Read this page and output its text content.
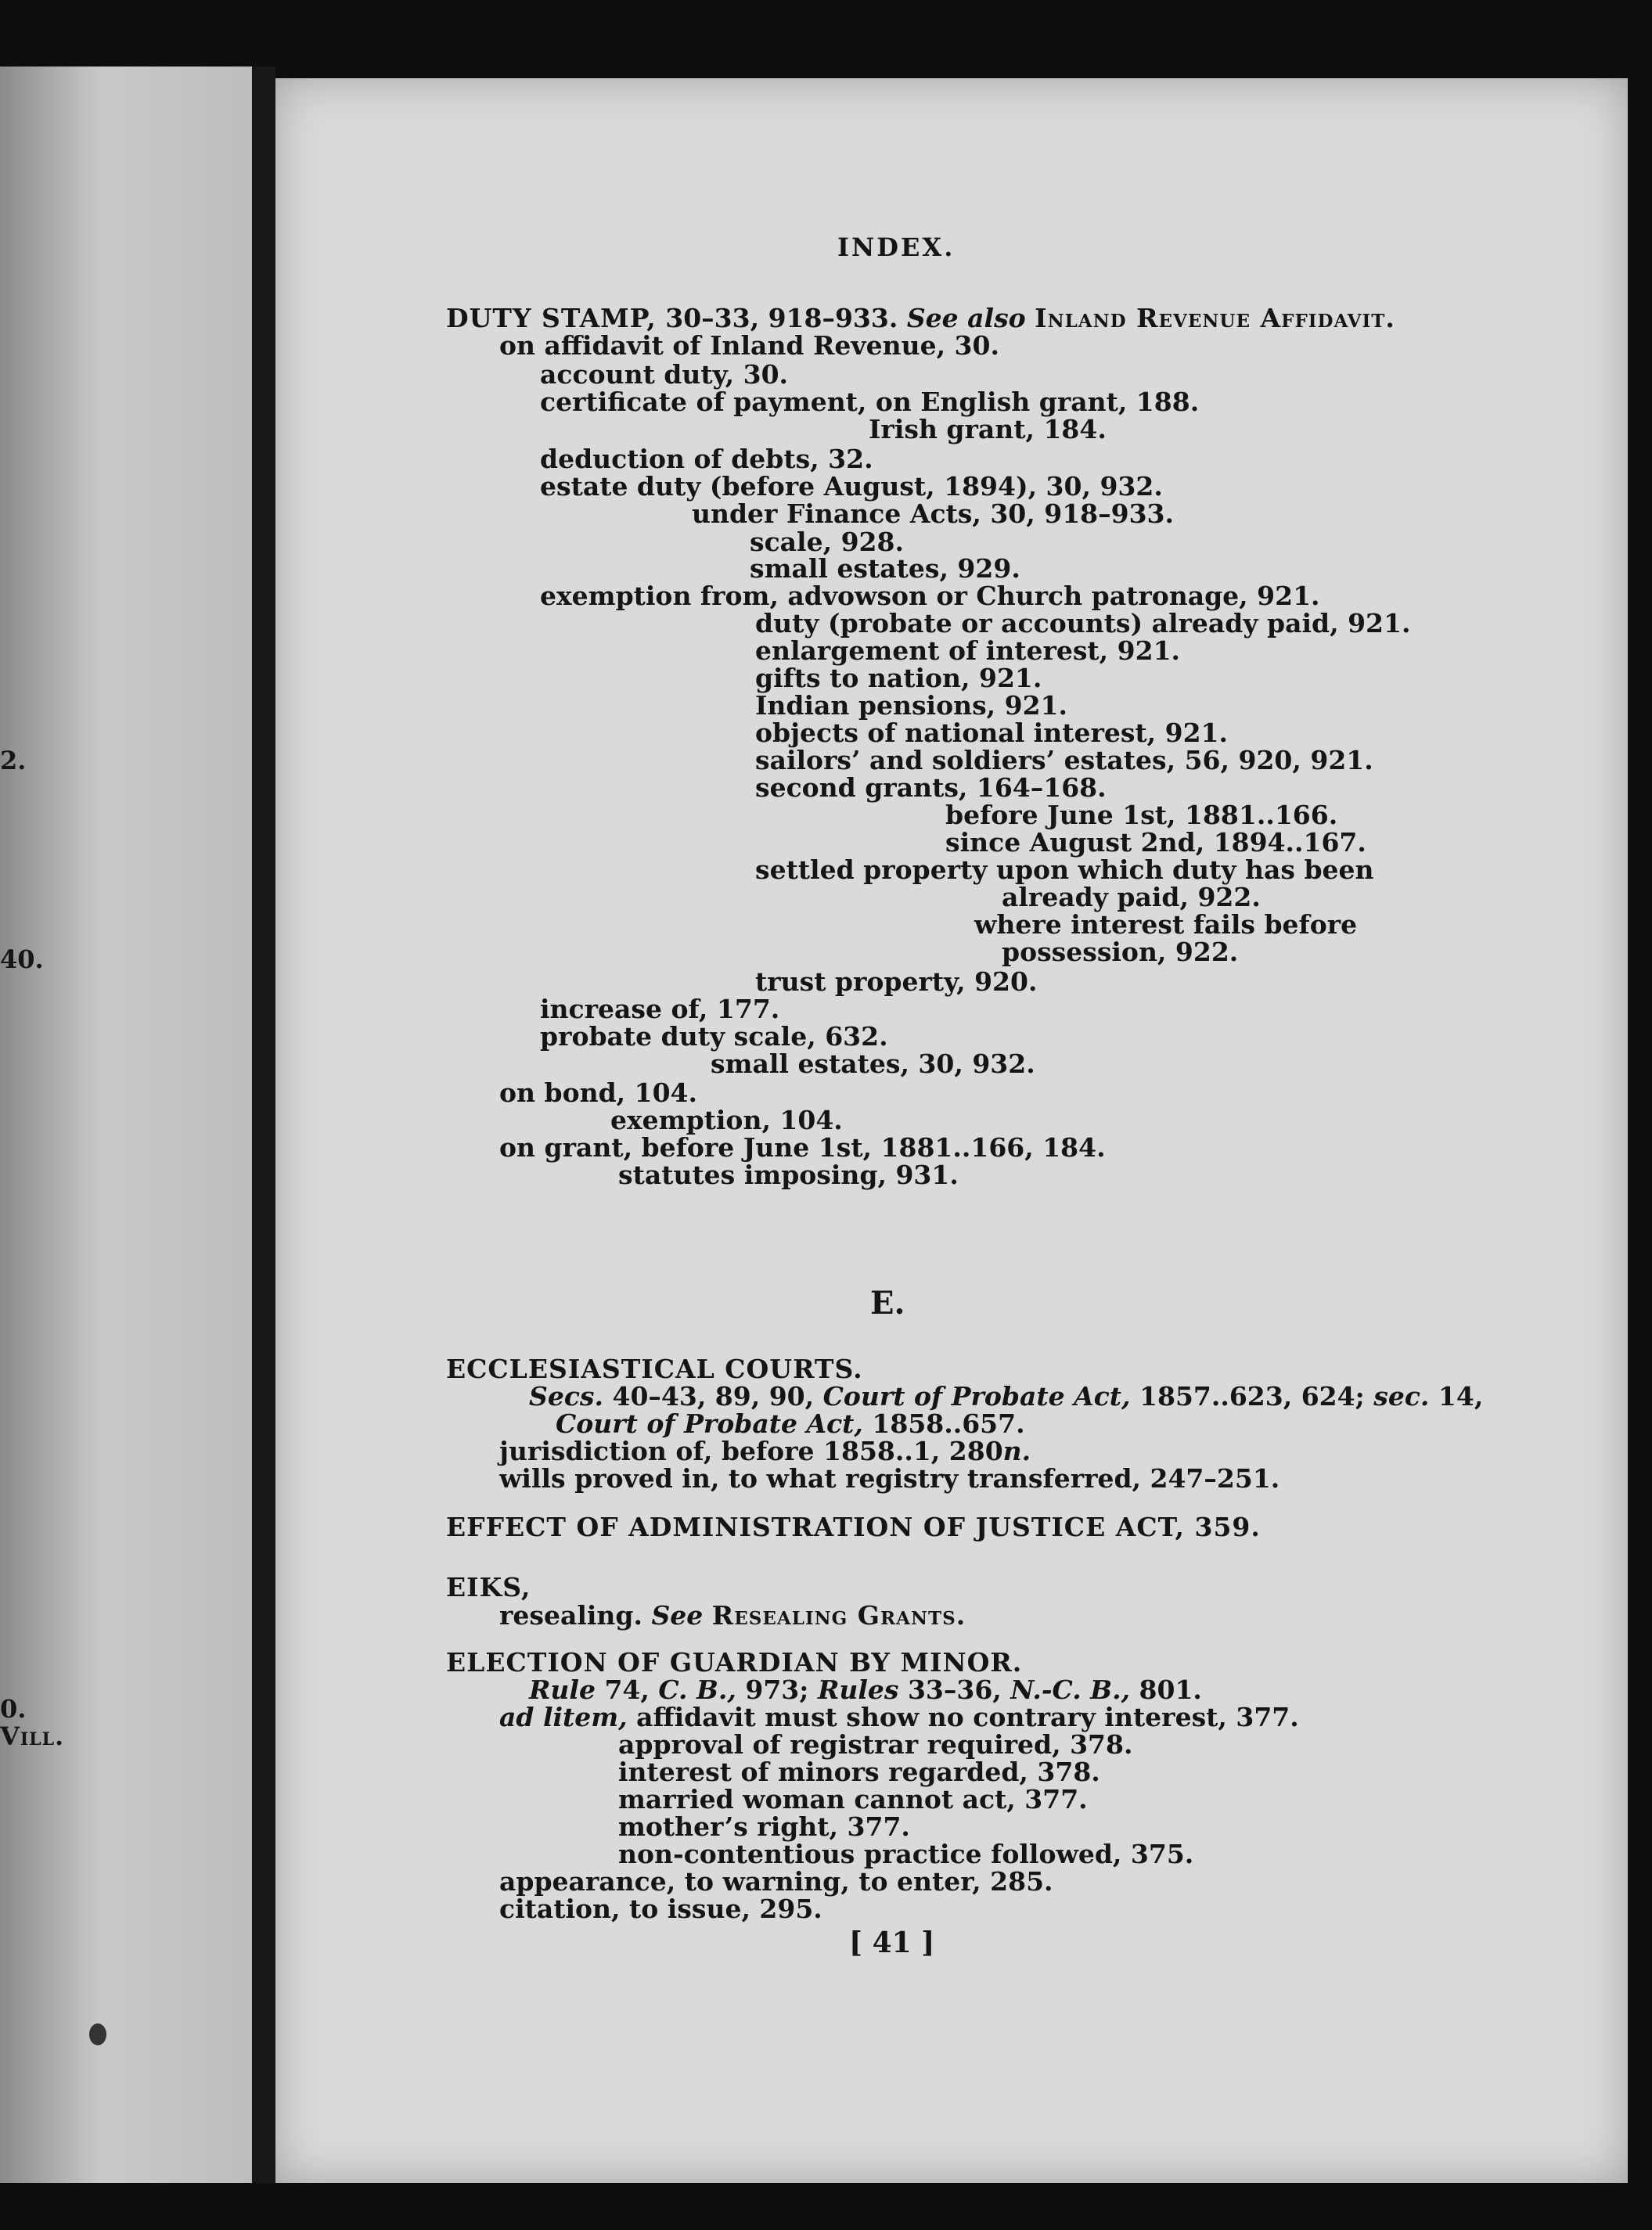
2.
40.
0.
Vill.
INDEX.
DUTY STAMP, 30–33, 918–933. See also Inland Revenue Affidavit.
on affidavit of Inland Revenue, 30.
account duty, 30.
certificate of payment, on English grant, 188.
Irish grant, 184.
deduction of debts, 32.
estate duty (before August, 1894), 30, 932.
under Finance Acts, 30, 918–933.
scale, 928.
small estates, 929.
exemption from, advowson or Church patronage, 921.
duty (probate or accounts) already paid, 921.
enlargement of interest, 921.
gifts to nation, 921.
Indian pensions, 921.
objects of national interest, 921.
sailors’ and soldiers’ estates, 56, 920, 921.
second grants, 164–168.
before June 1st, 1881..166.
since August 2nd, 1894..167.
settled property upon which duty has been
already paid, 922.
where interest fails before
possession, 922.
trust property, 920.
increase of, 177.
probate duty scale, 632.
small estates, 30, 932.
on bond, 104.
exemption, 104.
on grant, before June 1st, 1881..166, 184.
statutes imposing, 931.
E.
ECCLESIASTICAL COURTS.
Secs. 40–43, 89, 90, Court of Probate Act, 1857..623, 624; sec. 14,
Court of Probate Act, 1858..657.
jurisdiction of, before 1858..1, 280n.
wills proved in, to what registry transferred, 247–251.
EFFECT OF ADMINISTRATION OF JUSTICE ACT, 359.
EIKS,
resealing. See Resealing Grants.
ELECTION OF GUARDIAN BY MINOR.
Rule 74, C. B., 973; Rules 33–36, N.-C. B., 801.
ad litem, affidavit must show no contrary interest, 377.
approval of registrar required, 378.
interest of minors regarded, 378.
married woman cannot act, 377.
mother’s right, 377.
non-contentious practice followed, 375.
appearance, to warning, to enter, 285.
citation, to issue, 295.
[ 41 ]
